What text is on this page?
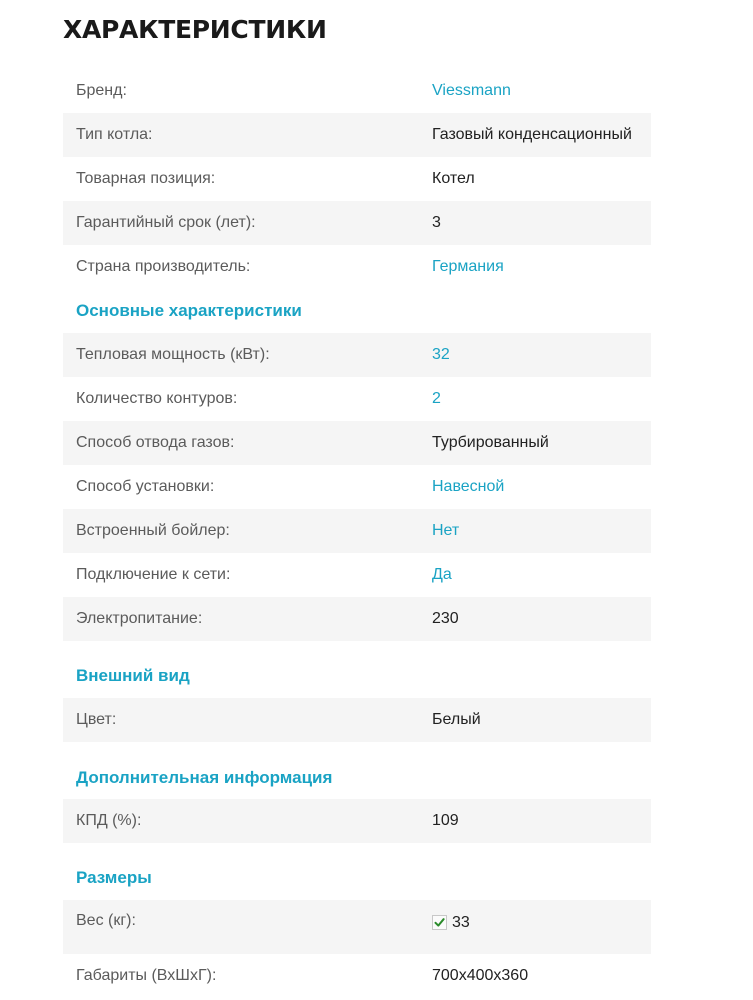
ХАРАКТЕРИСТИКИ
Бренд:	Viessmann
Тип котла:	Газовый конденсационный
Товарная позиция:	Котел
Гарантийный срок (лет):	3
Страна производитель:	Германия
Основные характеристики
Тепловая мощность (кВт):	32
Количество контуров:	2
Способ отвода газов:	Турбированный
Способ установки:	Навесной
Встроенный бойлер:	Нет
Подключение к сети:	Да
Электропитание:	230
Внешний вид
Цвет:	Белый
Дополнительная информация
КПД (%):	109
Размеры
Вес (кг):	33
Габариты (ВхШхГ):	700x400x360
